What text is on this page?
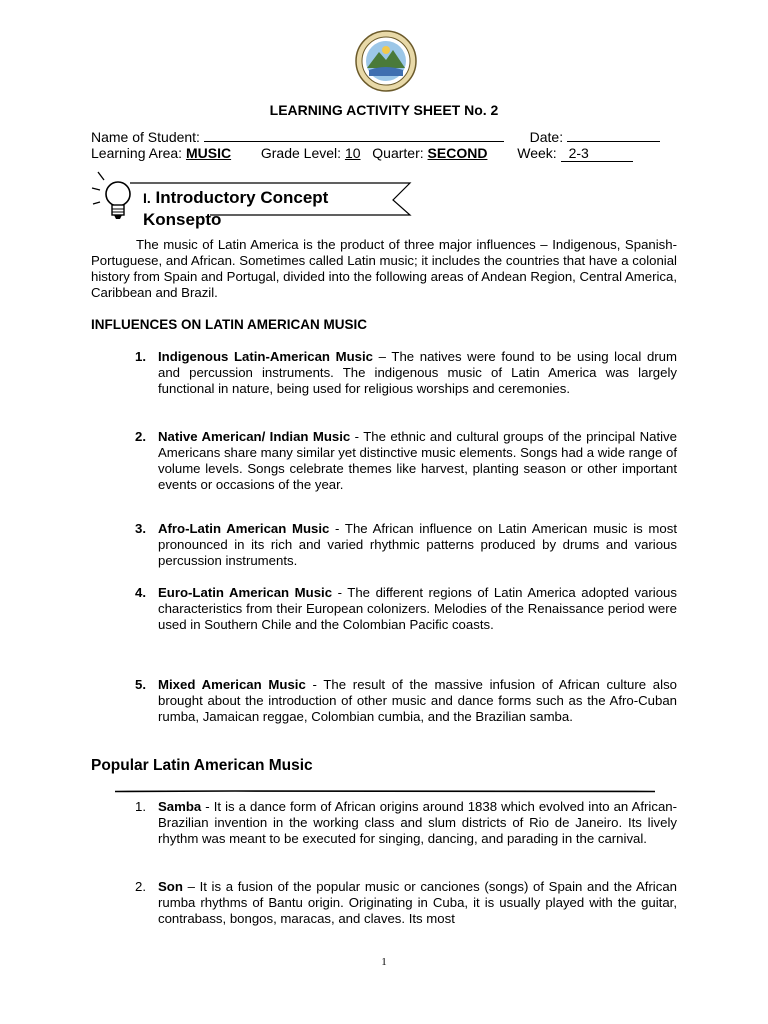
LEARNING ACTIVITY SHEET No. 2
Name of Student:	Date:
Learning Area: MUSIC Grade Level: 10 Quarter: SECOND Week: 2-3
I. Introductory Concept
Konsepto
The music of Latin America is the product of three major influences – Indigenous, Spanish-Portuguese, and African. Sometimes called Latin music; it includes the countries that have a colonial history from Spain and Portugal, divided into the following areas of Andean Region, Central America, Caribbean and Brazil.
INFLUENCES ON LATIN AMERICAN MUSIC
1. Indigenous Latin-American Music – The natives were found to be using local drum and percussion instruments. The indigenous music of Latin America was largely functional in nature, being used for religious worships and ceremonies.
2. Native American/ Indian Music - The ethnic and cultural groups of the principal Native Americans share many similar yet distinctive music elements. Songs had a wide range of volume levels. Songs celebrate themes like harvest, planting season or other important events or occasions of the year.
3. Afro-Latin American Music - The African influence on Latin American music is most pronounced in its rich and varied rhythmic patterns produced by drums and various percussion instruments.
4. Euro-Latin American Music - The different regions of Latin America adopted various characteristics from their European colonizers. Melodies of the Renaissance period were used in Southern Chile and the Colombian Pacific coasts.
5. Mixed American Music - The result of the massive infusion of African culture also brought about the introduction of other music and dance forms such as the Afro-Cuban rumba, Jamaican reggae, Colombian cumbia, and the Brazilian samba.
Popular Latin American Music
1. Samba - It is a dance form of African origins around 1838 which evolved into an African-Brazilian invention in the working class and slum districts of Rio de Janeiro. Its lively rhythm was meant to be executed for singing, dancing, and parading in the carnival.
2. Son – It is a fusion of the popular music or canciones (songs) of Spain and the African rumba rhythms of Bantu origin. Originating in Cuba, it is usually played with the guitar, contrabass, bongos, maracas, and claves. Its most
1
